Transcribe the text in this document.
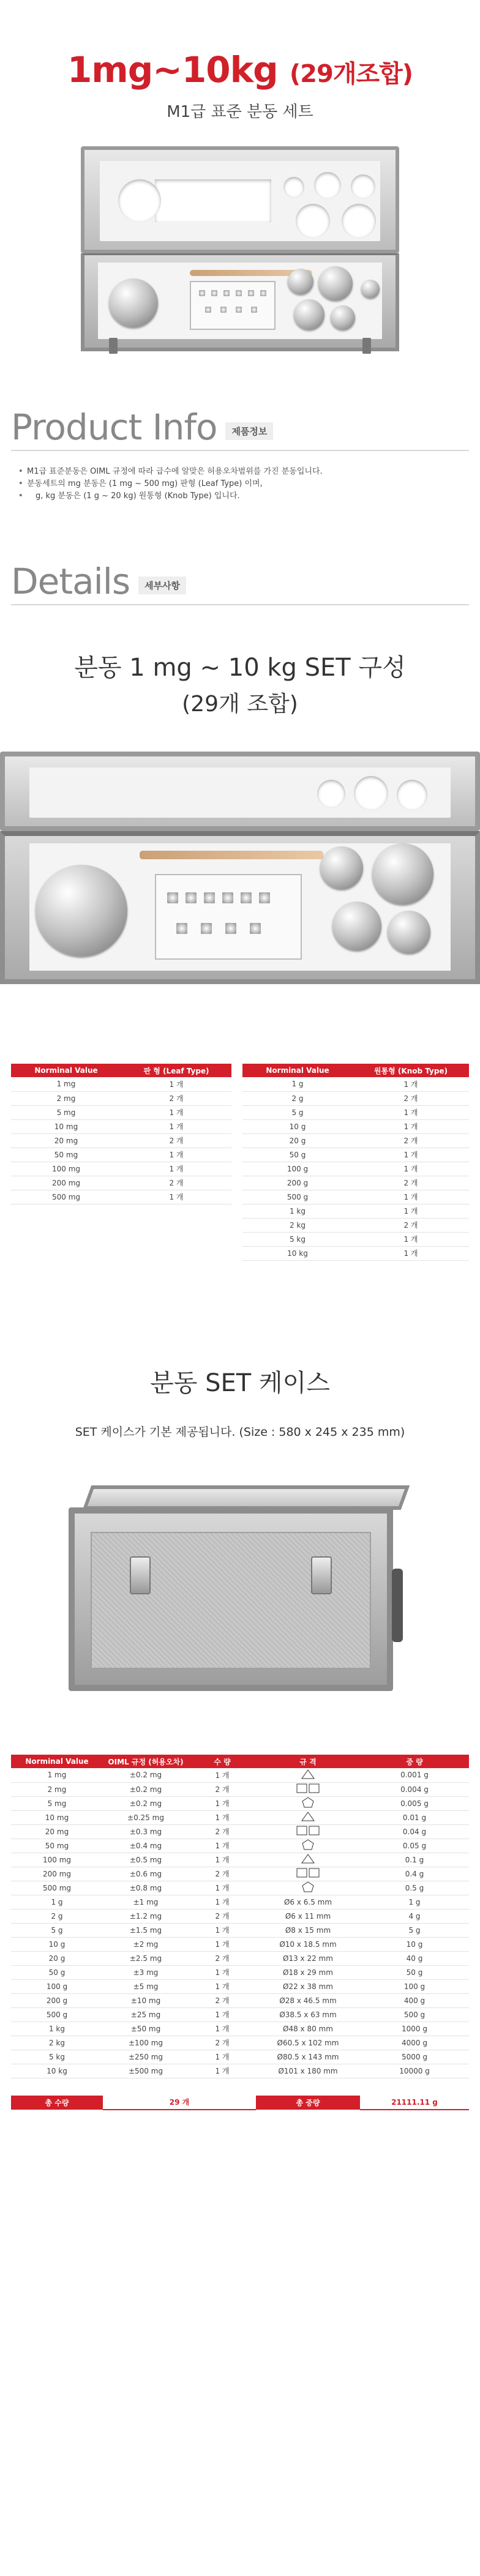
1mg~10kg (29개조합)
M1급 표준 분동 세트
Product Info	제품정보
• M1급 표준분동은 OIML 규정에 따라 급수에 알맞은 허용오차범위를 가진 분동입니다.
• 분동세트의 mg 분동은 (1 mg ~ 500 mg) 판형 (Leaf Type) 이며,
• g, kg 분동은 (1 g ~ 20 kg) 원통형 (Knob Type) 입니다.
Details	세부사항
분동 1 mg ~ 10 kg SET 구성
(29개 조합)
Norminal Value	판 형 (Leaf Type)
1 mg	1 개
2 mg	2 개
5 mg	1 개
10 mg	1 개
20 mg	2 개
50 mg	1 개
100 mg	1 개
200 mg	2 개
500 mg	1 개
Norminal Value	원통형 (Knob Type)
1 g	1 개
2 g	2 개
5 g	1 개
10 g	1 개
20 g	2 개
50 g	1 개
100 g	1 개
200 g	2 개
500 g	1 개
1 kg	1 개
2 kg	2 개
5 kg	1 개
10 kg	1 개
분동 SET 케이스
SET 케이스가 기본 제공됩니다. (Size : 580 x 245 x 235 mm)
Norminal Value	OIML 규정 (허용오차)	수 량	규 격	중 량
1 mg	±0.2 mg	1 개		0.001 g
2 mg	±0.2 mg	2 개		0.004 g
5 mg	±0.2 mg	1 개		0.005 g
10 mg	±0.25 mg	1 개		0.01 g
20 mg	±0.3 mg	2 개		0.04 g
50 mg	±0.4 mg	1 개		0.05 g
100 mg	±0.5 mg	1 개		0.1 g
200 mg	±0.6 mg	2 개		0.4 g
500 mg	±0.8 mg	1 개		0.5 g
1 g	±1 mg	1 개	Ø6 x 6.5 mm	1 g
2 g	±1.2 mg	2 개	Ø6 x 11 mm	4 g
5 g	±1.5 mg	1 개	Ø8 x 15 mm	5 g
10 g	±2 mg	1 개	Ø10 x 18.5 mm	10 g
20 g	±2.5 mg	2 개	Ø13 x 22 mm	40 g
50 g	±3 mg	1 개	Ø18 x 29 mm	50 g
100 g	±5 mg	1 개	Ø22 x 38 mm	100 g
200 g	±10 mg	2 개	Ø28 x 46.5 mm	400 g
500 g	±25 mg	1 개	Ø38.5 x 63 mm	500 g
1 kg	±50 mg	1 개	Ø48 x 80 mm	1000 g
2 kg	±100 mg	2 개	Ø60.5 x 102 mm	4000 g
5 kg	±250 mg	1 개	Ø80.5 x 143 mm	5000 g
10 kg	±500 mg	1 개	Ø101 x 180 mm	10000 g
총 수량	29 개	총 중량	21111.11 g
